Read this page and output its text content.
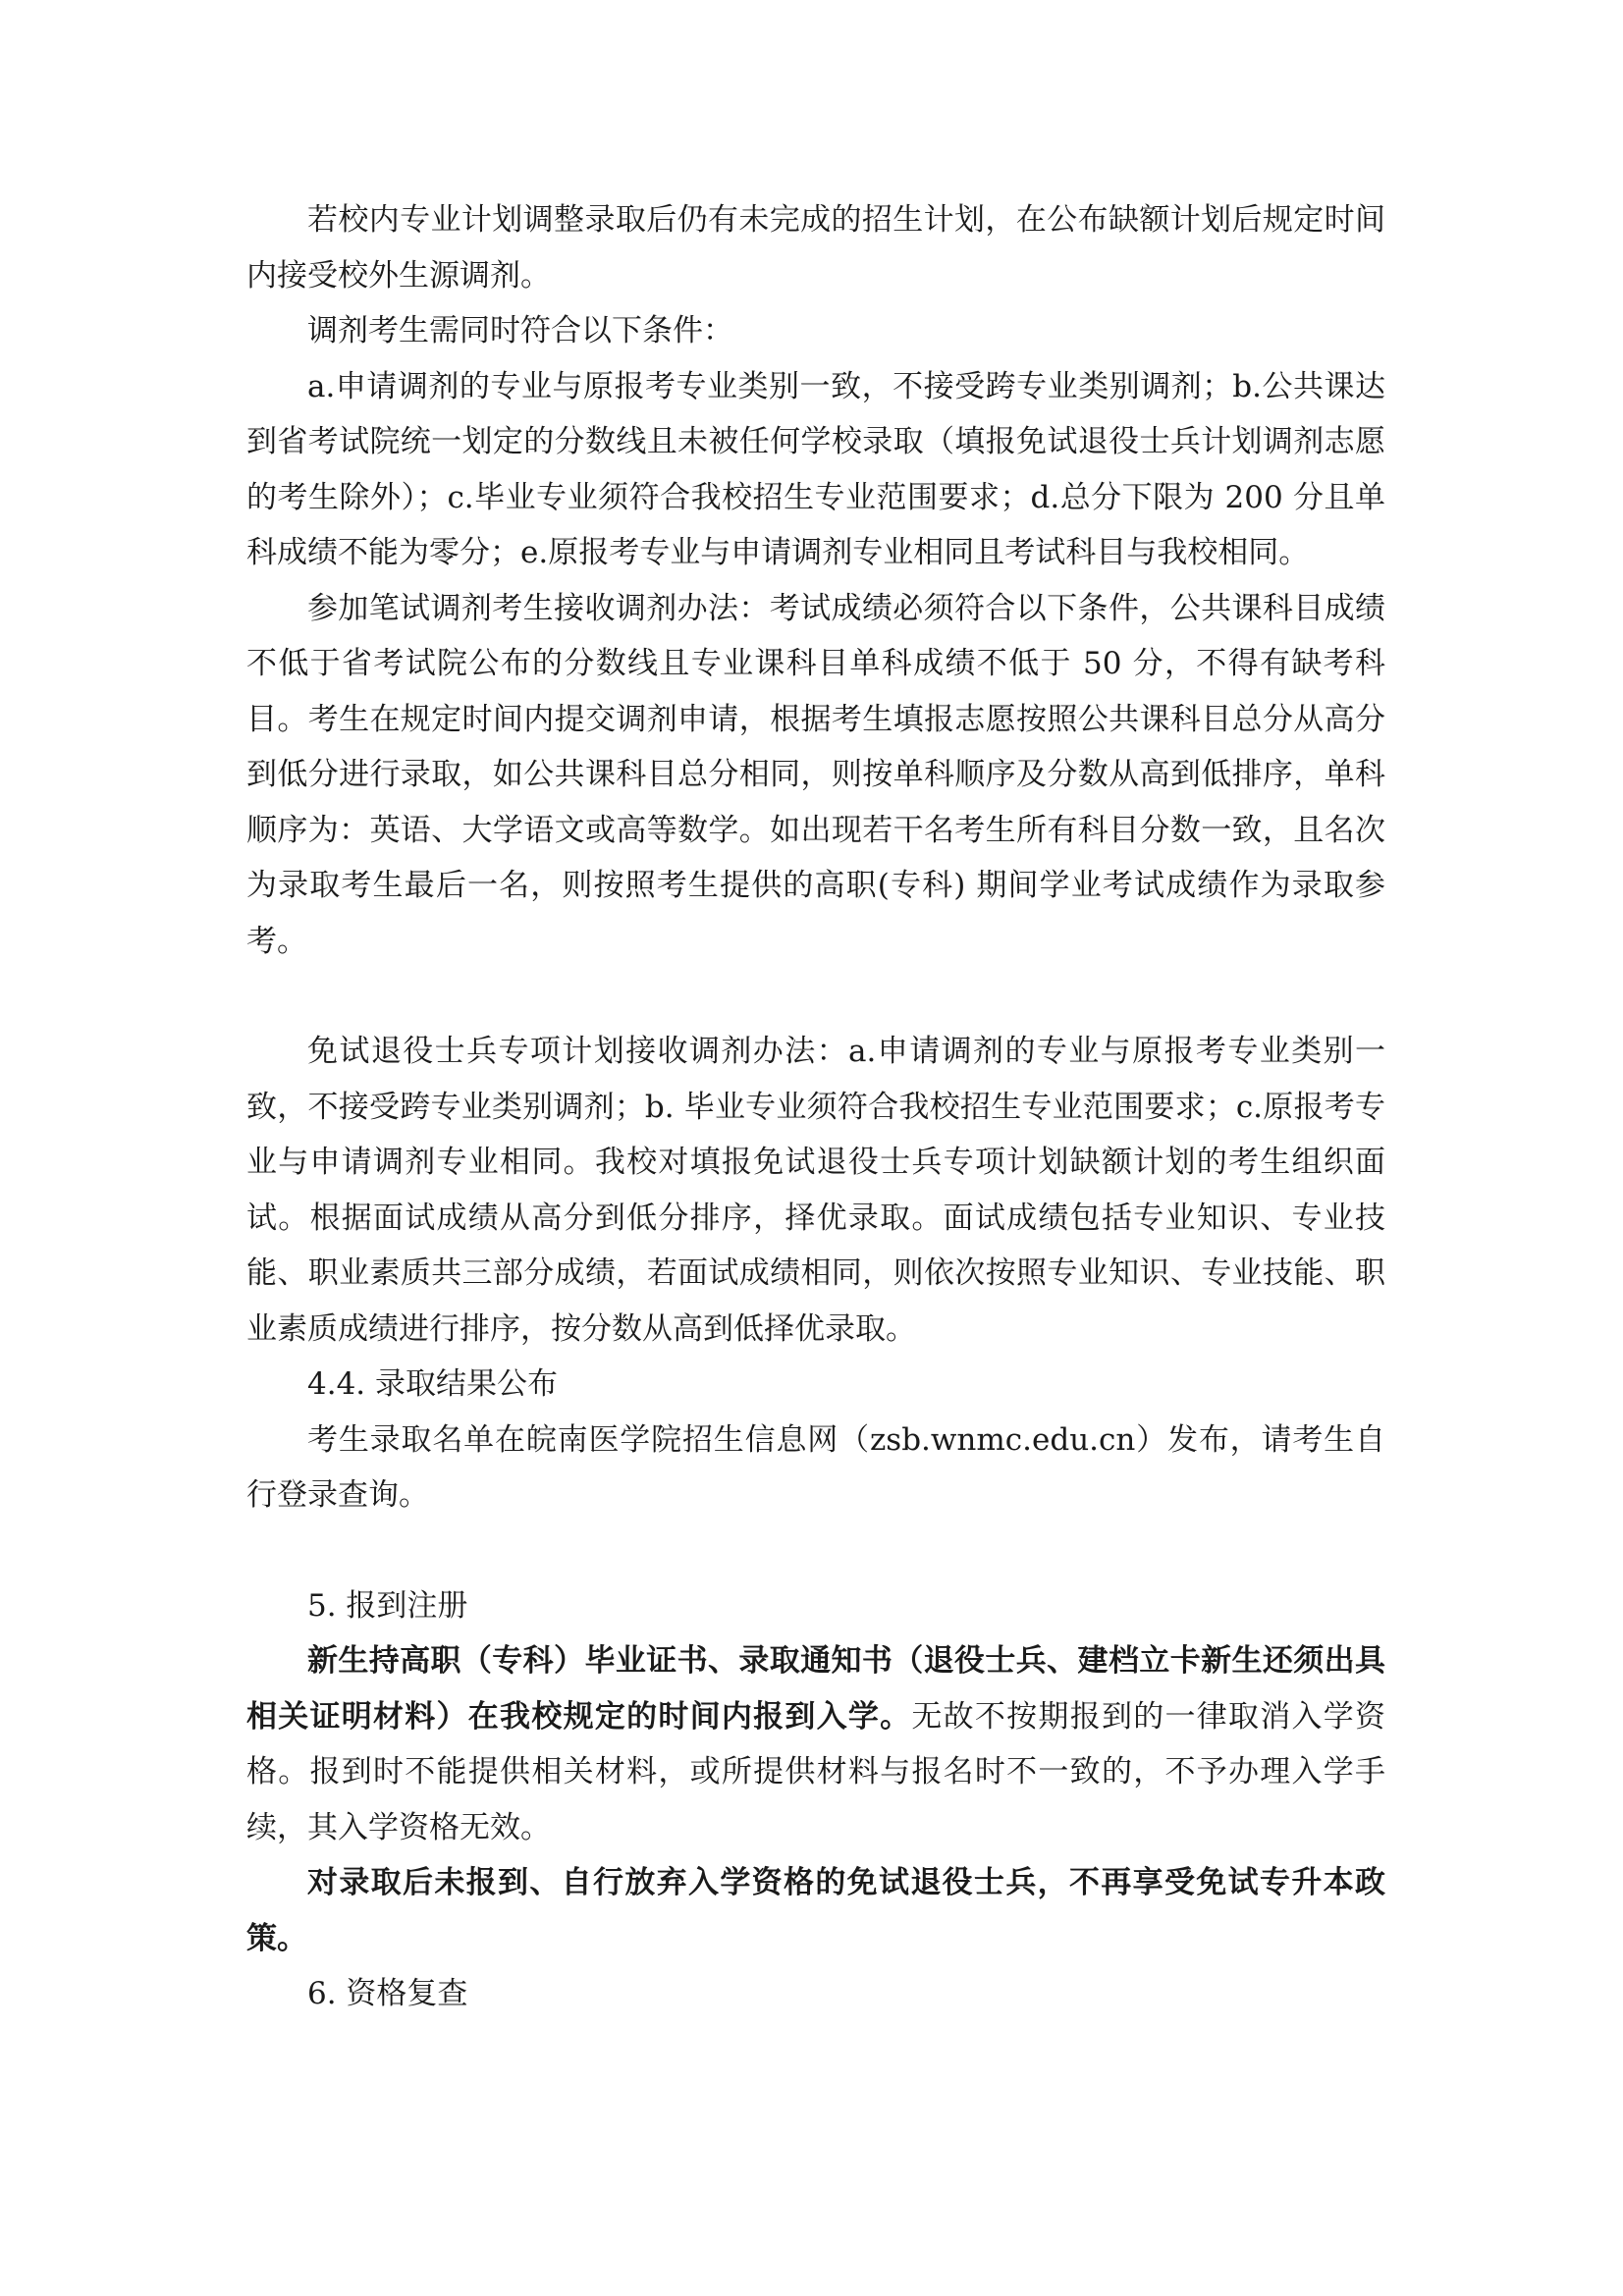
若校内专业计划调整录取后仍有未完成的招生计划，在公布缺额计划后规定时间内接受校外生源调剂。

调剂考生需同时符合以下条件：

a.申请调剂的专业与原报考专业类别一致，不接受跨专业类别调剂；b.公共课达到省考试院统一划定的分数线且未被任何学校录取（填报免试退役士兵计划调剂志愿的考生除外）；c.毕业专业须符合我校招生专业范围要求；d.总分下限为 200 分且单科成绩不能为零分；e.原报考专业与申请调剂专业相同且考试科目与我校相同。

参加笔试调剂考生接收调剂办法：考试成绩必须符合以下条件，公共课科目成绩不低于省考试院公布的分数线且专业课科目单科成绩不低于 50 分，不得有缺考科目。考生在规定时间内提交调剂申请，根据考生填报志愿按照公共课科目总分从高分到低分进行录取，如公共课科目总分相同，则按单科顺序及分数从高到低排序，单科顺序为：英语、大学语文或高等数学。如出现若干名考生所有科目分数一致，且名次为录取考生最后一名，则按照考生提供的高职(专科) 期间学业考试成绩作为录取参考。

免试退役士兵专项计划接收调剂办法：a.申请调剂的专业与原报考专业类别一致，不接受跨专业类别调剂；b. 毕业专业须符合我校招生专业范围要求；c.原报考专业与申请调剂专业相同。我校对填报免试退役士兵专项计划缺额计划的考生组织面试。根据面试成绩从高分到低分排序，择优录取。面试成绩包括专业知识、专业技能、职业素质共三部分成绩，若面试成绩相同，则依次按照专业知识、专业技能、职业素质成绩进行排序，按分数从高到低择优录取。

4.4. 录取结果公布

考生录取名单在皖南医学院招生信息网（zsb.wnmc.edu.cn）发布，请考生自行登录查询。

5. 报到注册

新生持高职（专科）毕业证书、录取通知书（退役士兵、建档立卡新生还须出具相关证明材料）在我校规定的时间内报到入学。无故不按期报到的一律取消入学资格。报到时不能提供相关材料，或所提供材料与报名时不一致的，不予办理入学手续，其入学资格无效。

对录取后未报到、自行放弃入学资格的免试退役士兵，不再享受免试专升本政策。

6. 资格复查
